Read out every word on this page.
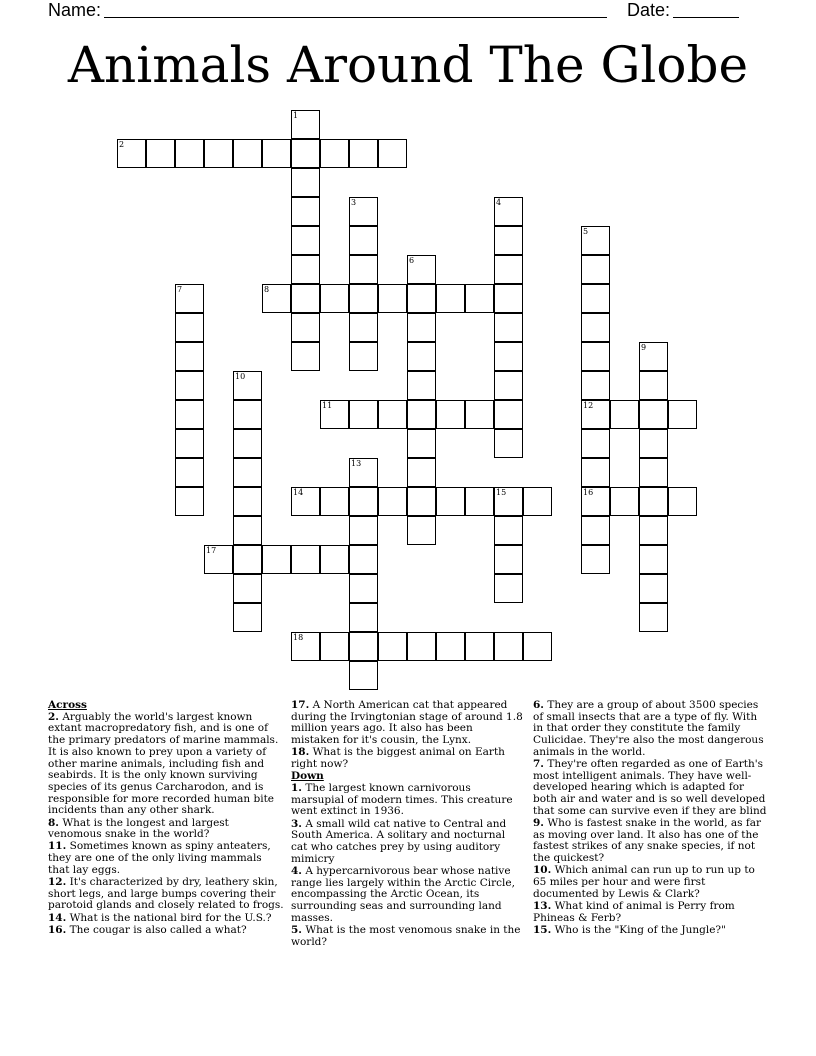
Name:	Date:
Animals Around The Globe
1
2
3	4
5
12
16
6
7	8
9
10
11
13
14	15
17
18
Across

2. Arguably the world's largest known extant macropredatory fish, and is one of the primary predators of marine mammals. It is also known to prey upon a variety of other marine animals, including fish and seabirds. It is the only known surviving species of its genus Carcharodon, and is responsible for more recorded human bite incidents than any other shark.

8. What is the longest and largest venomous snake in the world?

11. Sometimes known as spiny anteaters, they are one of the only living mammals that lay eggs.

12. It's characterized by dry, leathery skin, short legs, and large bumps covering their parotoid glands and closely related to frogs.

14. What is the national bird for the U.S.?

16. The cougar is also called a what?

17. A North American cat that appeared during the Irvingtonian stage of around 1.8 million years ago. It also has been mistaken for it's cousin, the Lynx.

18. What is the biggest animal on Earth right now?

Down

1. The largest known carnivorous marsupial of modern times. This creature went extinct in 1936.

3. A small wild cat native to Central and South America. A solitary and nocturnal cat who catches prey by using auditory mimicry

4. A hypercarnivorous bear whose native range lies largely within the Arctic Circle, encompassing the Arctic Ocean, its surrounding seas and surrounding land masses.

5. What is the most venomous snake in the world?

6. They are a group of about 3500 species of small insects that are a type of fly. With in that order they constitute the family Culicidae. They're also the most dangerous animals in the world.

7. They're often regarded as one of Earth's most intelligent animals. They have well-developed hearing which is adapted for both air and water and is so well developed that some can survive even if they are blind

9. Who is fastest snake in the world, as far as moving over land. It also has one of the fastest strikes of any snake species, if not the quickest?

10. Which animal can run up to run up to 65 miles per hour and were first documented by Lewis & Clark?

13. What kind of animal is Perry from Phineas & Ferb?

15. Who is the "King of the Jungle?"
